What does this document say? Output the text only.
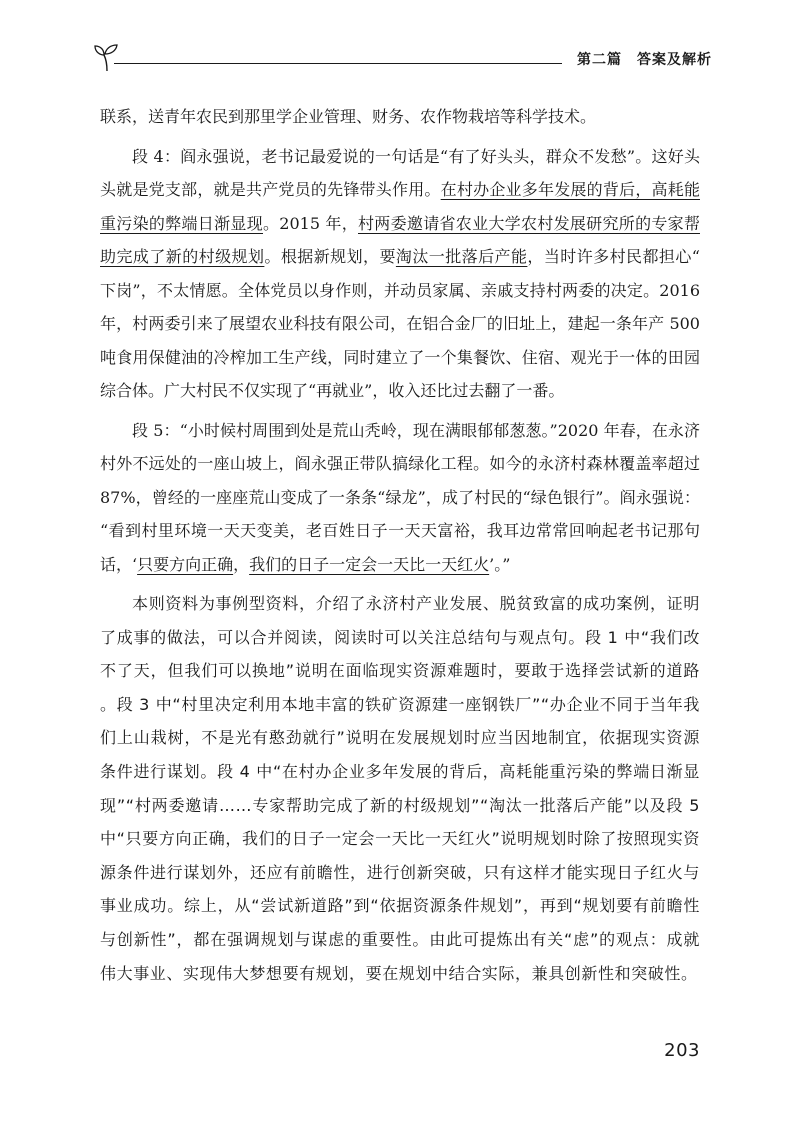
第二篇　答案及解析

联系，送青年农民到那里学企业管理、财务、农作物栽培等科学技术。

段 4：阎永强说，老书记最爱说的一句话是“有了好头头，群众不发愁”。这好头头就是党支部，就是共产党员的先锋带头作用。在村办企业多年发展的背后，高耗能重污染的弊端日渐显现。2015 年，村两委邀请省农业大学农村发展研究所的专家帮助完成了新的村级规划。根据新规划，要淘汰一批落后产能，当时许多村民都担心“下岗”，不太情愿。全体党员以身作则，并动员家属、亲戚支持村两委的决定。2016 年，村两委引来了展望农业科技有限公司，在铝合金厂的旧址上，建起一条年产 500 吨食用保健油的冷榨加工生产线，同时建立了一个集餐饮、住宿、观光于一体的田园综合体。广大村民不仅实现了“再就业”，收入还比过去翻了一番。

段 5：“小时候村周围到处是荒山秃岭，现在满眼郁郁葱葱。”2020 年春，在永济村外不远处的一座山坡上，阎永强正带队搞绿化工程。如今的永济村森林覆盖率超过 87%，曾经的一座座荒山变成了一条条“绿龙”，成了村民的“绿色银行”。阎永强说：“看到村里环境一天天变美，老百姓日子一天天富裕，我耳边常常回响起老书记那句话，‘只要方向正确，我们的日子一定会一天比一天红火’。”

本则资料为事例型资料，介绍了永济村产业发展、脱贫致富的成功案例，证明了成事的做法，可以合并阅读，阅读时可以关注总结句与观点句。段 1 中“我们改不了天，但我们可以换地”说明在面临现实资源难题时，要敢于选择尝试新的道路。段 3 中“村里决定利用本地丰富的铁矿资源建一座钢铁厂”“办企业不同于当年我们上山栽树，不是光有憨劲就行”说明在发展规划时应当因地制宜，依据现实资源条件进行谋划。段 4 中“在村办企业多年发展的背后，高耗能重污染的弊端日渐显现”“村两委邀请……专家帮助完成了新的村级规划”“淘汰一批落后产能”以及段 5 中“只要方向正确，我们的日子一定会一天比一天红火”说明规划时除了按照现实资源条件进行谋划外，还应有前瞻性，进行创新突破，只有这样才能实现日子红火与事业成功。综上，从“尝试新道路”到“依据资源条件规划”，再到“规划要有前瞻性与创新性”，都在强调规划与谋虑的重要性。由此可提炼出有关“虑”的观点：成就伟大事业、实现伟大梦想要有规划，要在规划中结合实际，兼具创新性和突破性。

203
